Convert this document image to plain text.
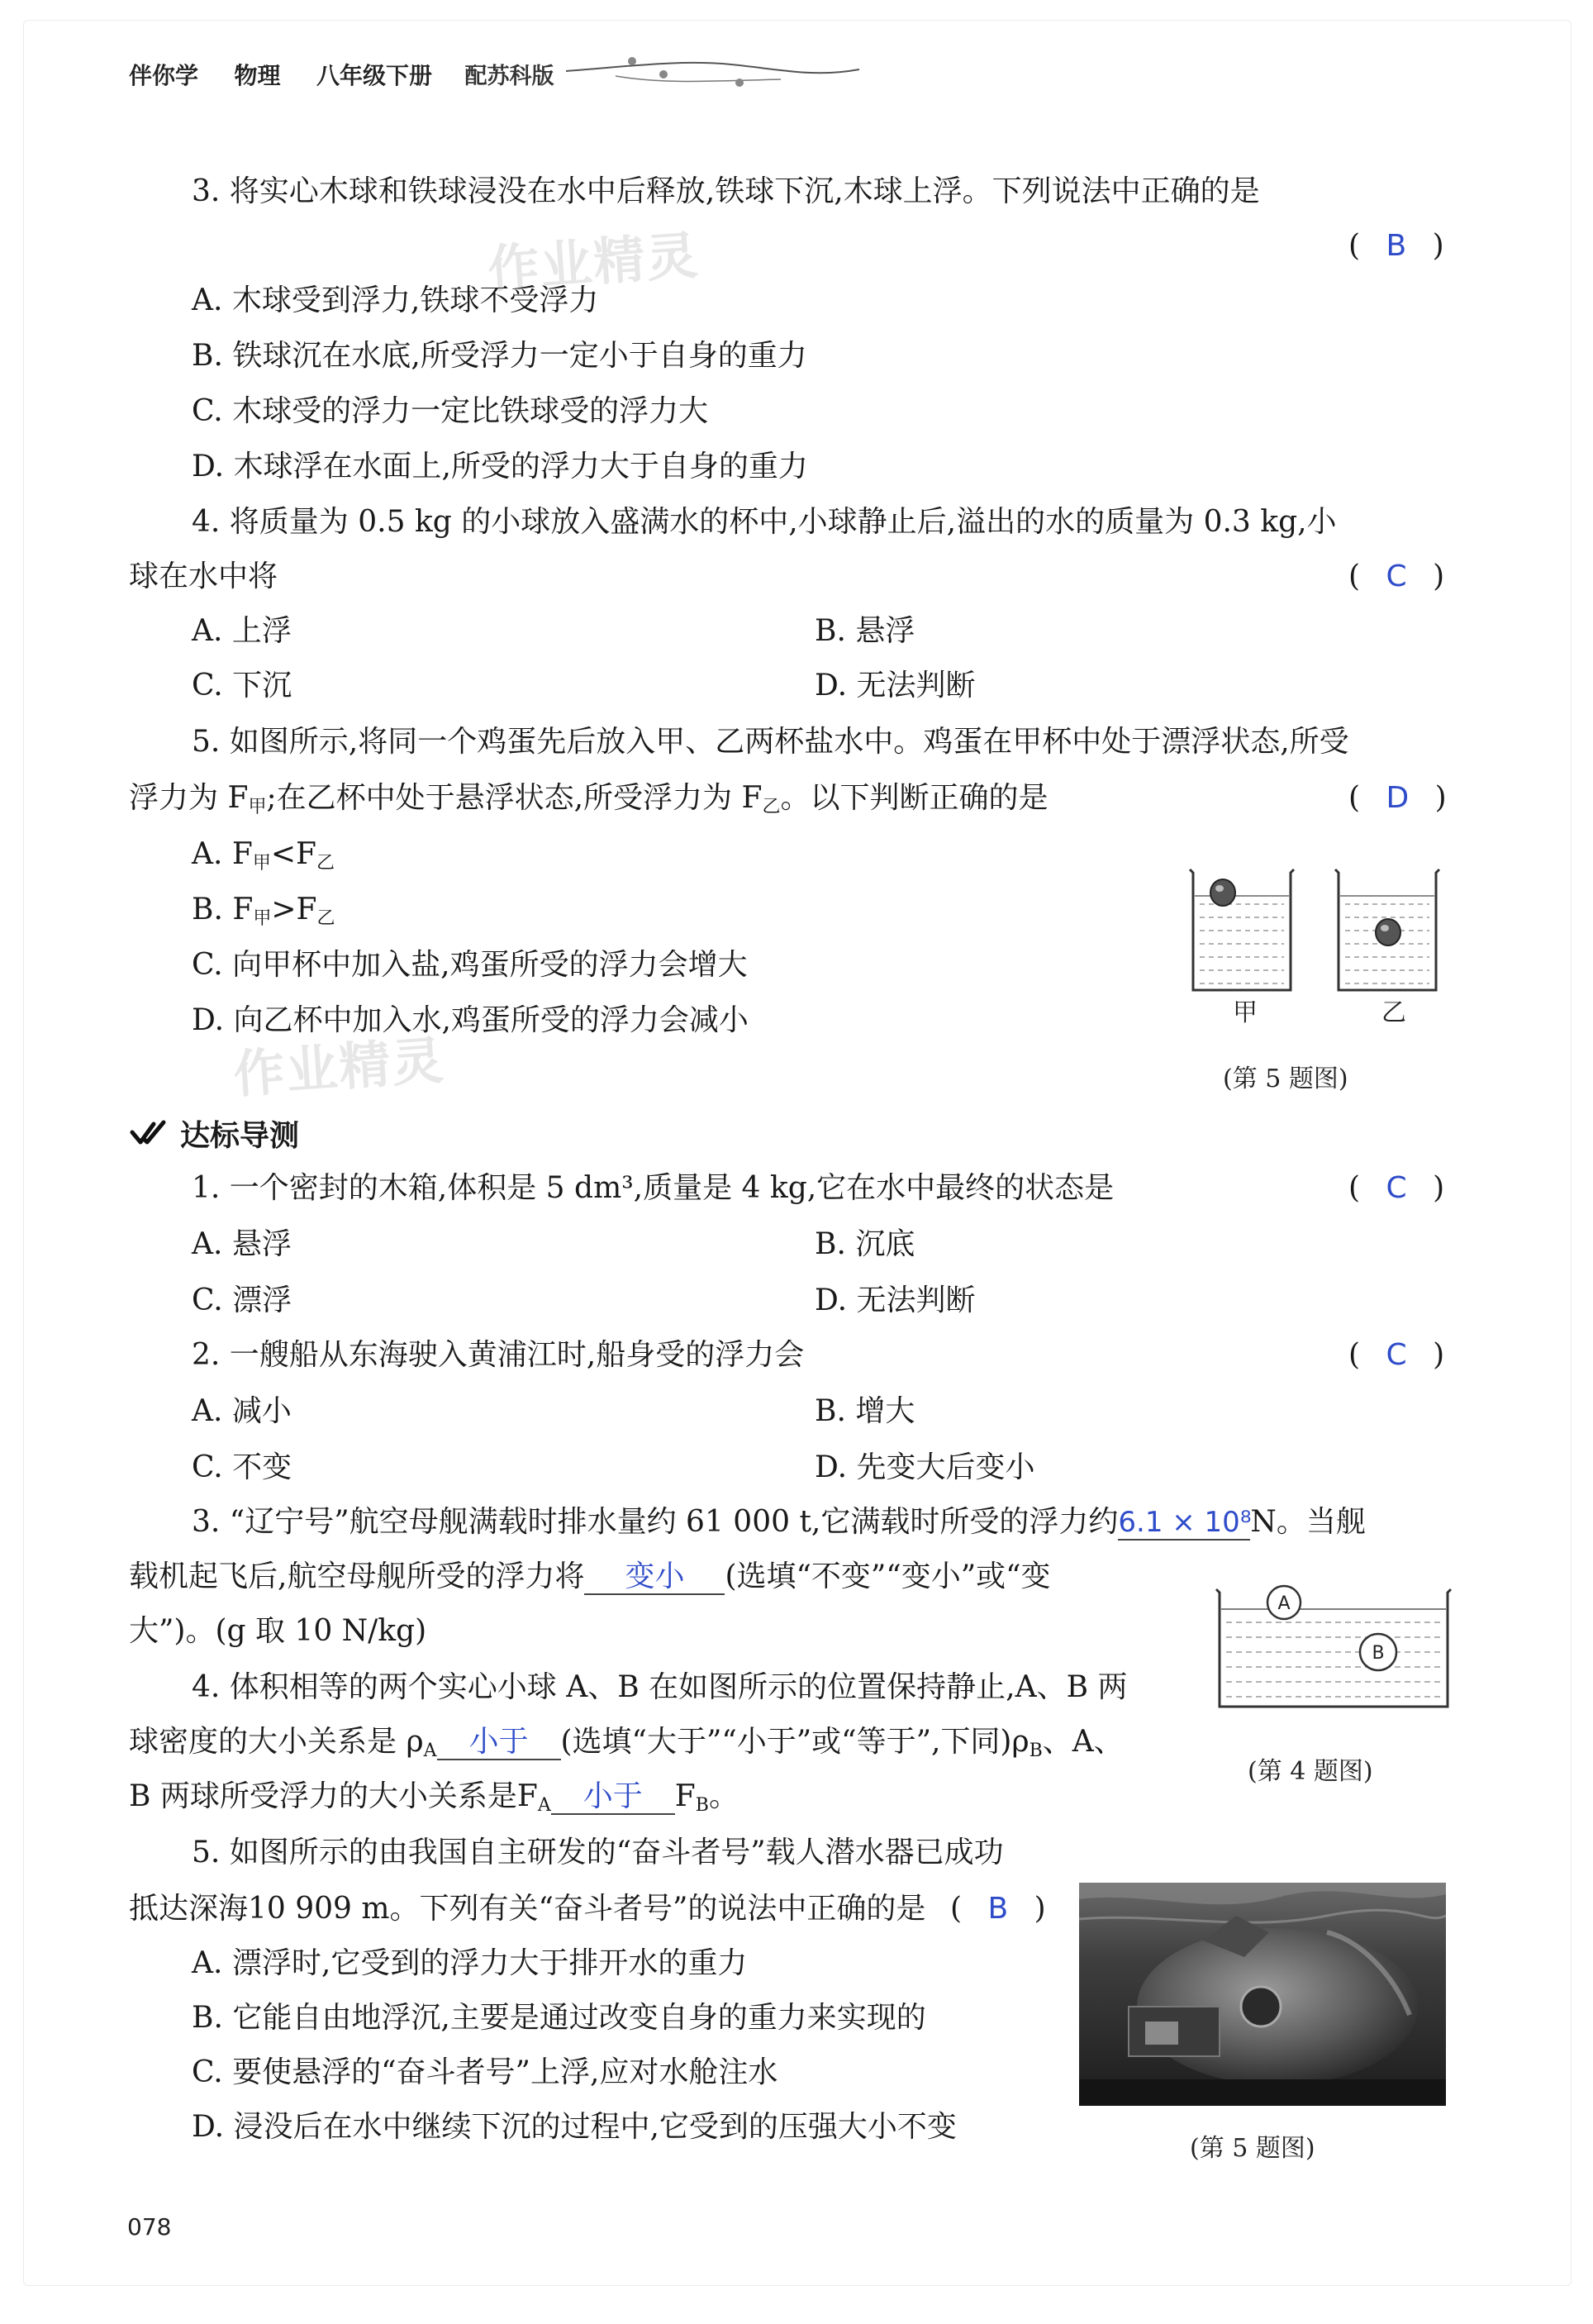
伴你学 物理 八年级下册 配苏科版
作业精灵
作业精灵
3. 将实心木球和铁球浸没在水中后释放,铁球下沉,木球上浮。下列说法中正确的是
( B )
A. 木球受到浮力,铁球不受浮力
B. 铁球沉在水底,所受浮力一定小于自身的重力
C. 木球受的浮力一定比铁球受的浮力大
D. 木球浮在水面上,所受的浮力大于自身的重力
4. 将质量为 0.5 kg 的小球放入盛满水的杯中,小球静止后,溢出的水的质量为 0.3 kg,小
球在水中将	( C )
A. 上浮	B. 悬浮
C. 下沉	D. 无法判断
5. 如图所示,将同一个鸡蛋先后放入甲、乙两杯盐水中。鸡蛋在甲杯中处于漂浮状态,所受
浮力为 $F_甲$;在乙杯中处于悬浮状态,所受浮力为 $F_乙$。以下判断正确的是	( D )
A. $F_甲<F_乙$
B. $F_甲>F_乙$
C. 向甲杯中加入盐,鸡蛋所受的浮力会增大
D. 向乙杯中加入水,鸡蛋所受的浮力会减小	甲	乙
(第 5 题图)
达标导测
1. 一个密封的木箱,体积是 5 dm³,质量是 4 kg,它在水中最终的状态是	( C )
A. 悬浮	B. 沉底
C. 漂浮	D. 无法判断
2. 一艘船从东海驶入黄浦江时,船身受的浮力会	( C )
A. 减小	B. 增大
C. 不变	D. 先变大后变小
3. “辽宁号”航空母舰满载时排水量约 61 000 t,它满载时所受的浮力约6.1 × 10⁸N。当舰
载机起飞后,航空母舰所受的浮力将 变小 (选填“不变”“变小”或“变
大”)。(g 取 10 N/kg)
A
B
(第 4 题图)
4. 体积相等的两个实心小球 A、B 在如图所示的位置保持静止,A、B 两
球密度的大小关系是 $\rho_A$ 小于 (选填“大于”“小于”或“等于”,下同)$\rho_B$、A、
B 两球所受浮力的大小关系是$F_A$ 小于 $F_B$。
5. 如图所示的由我国自主研发的“奋斗者号”载人潜水器已成功
抵达深海10 909 m。下列有关“奋斗者号”的说法中正确的是 ( B )
A. 漂浮时,它受到的浮力大于排开水的重力
B. 它能自由地浮沉,主要是通过改变自身的重力来实现的
C. 要使悬浮的“奋斗者号”上浮,应对水舱注水
D. 浸没后在水中继续下沉的过程中,它受到的压强大小不变
(第 5 题图)
078
